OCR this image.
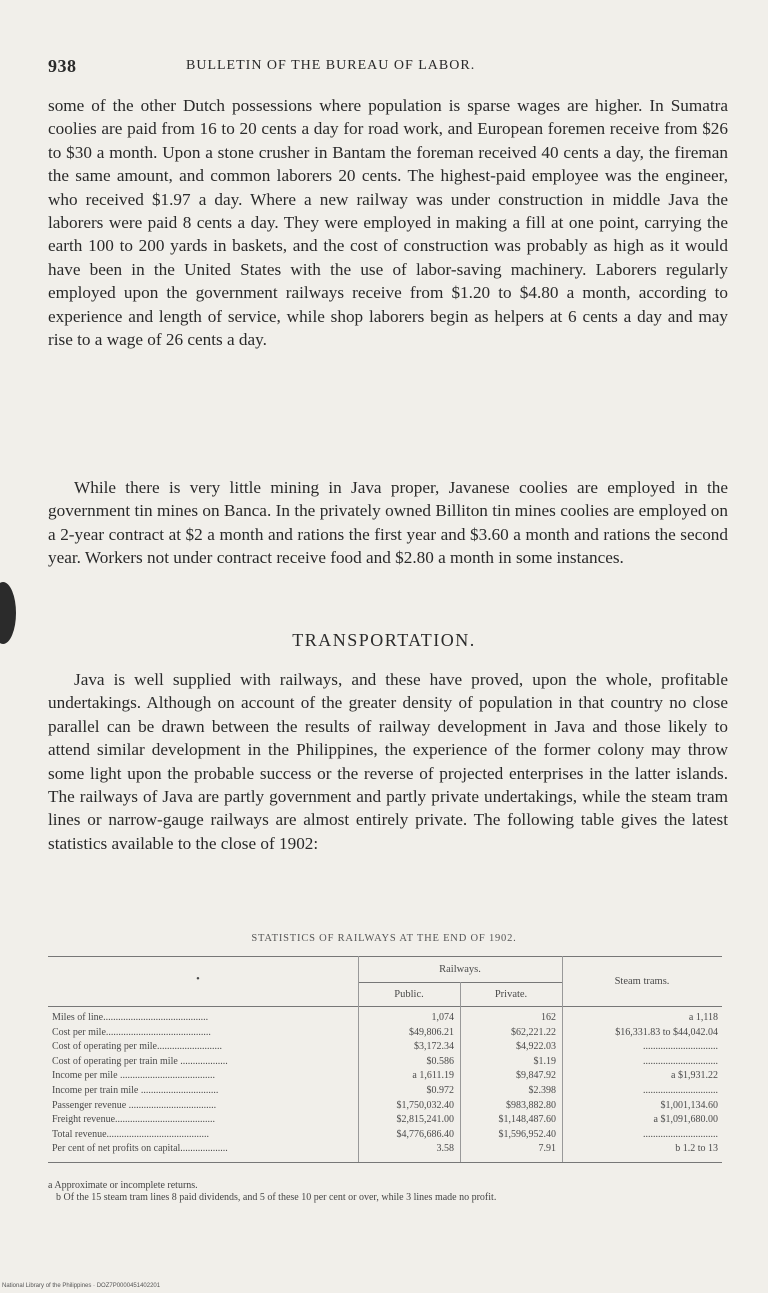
938	BULLETIN OF THE BUREAU OF LABOR.

some of the other Dutch possessions where population is sparse wages are higher. In Sumatra coolies are paid from 16 to 20 cents a day for road work, and European foremen receive from $26 to $30 a month. Upon a stone crusher in Bantam the foreman received 40 cents a day, the fireman the same amount, and common laborers 20 cents. The highest-paid employee was the engineer, who received $1.97 a day. Where a new railway was under construction in middle Java the laborers were paid 8 cents a day. They were employed in making a fill at one point, carrying the earth 100 to 200 yards in baskets, and the cost of construction was probably as high as it would have been in the United States with the use of labor-saving machinery. Laborers regularly employed upon the government railways receive from $1.20 to $4.80 a month, according to experience and length of service, while shop laborers begin as helpers at 6 cents a day and may rise to a wage of 26 cents a day.

While there is very little mining in Java proper, Javanese coolies are employed in the government tin mines on Banca. In the privately owned Billiton tin mines coolies are employed on a 2-year contract at $2 a month and rations the first year and $3.60 a month and rations the second year. Workers not under contract receive food and $2.80 a month in some instances.

TRANSPORTATION.

Java is well supplied with railways, and these have proved, upon the whole, profitable undertakings. Although on account of the greater density of population in that country no close parallel can be drawn between the results of railway development in Java and those likely to attend similar development in the Philippines, the experience of the former colony may throw some light upon the probable success or the reverse of projected enterprises in the latter islands. The railways of Java are partly government and partly private undertakings, while the steam tram lines or narrow-gauge railways are almost entirely private. The following table gives the latest statistics available to the close of 1902:

STATISTICS OF RAILWAYS AT THE END OF 1902.
•
Railways.
Public.	Private.
Steam trams.
Miles of line..........................................	1,074	162	a 1,118
Cost per mile..........................................	$49,806.21	$62,221.22	$16,331.83 to $44,042.04
Cost of operating per mile..........................	$3,172.34	$4,922.03	..............................
Cost of operating per train mile ...................	$0.586	$1.19	..............................
Income per mile ......................................	a 1,611.19	$9,847.92	a $1,931.22
Income per train mile ...............................	$0.972	$2.398	..............................
Passenger revenue ...................................	$1,750,032.40	$983,882.80	$1,001,134.60
Freight revenue........................................	$2,815,241.00	$1,148,487.60	a $1,091,680.00
Total revenue.........................................	$4,776,686.40	$1,596,952.40	..............................
Per cent of net profits on capital...................	3.58	7.91	b 1.2 to 13

a Approximate or incomplete returns.

b Of the 15 steam tram lines 8 paid dividends, and 5 of these 10 per cent or over, while 3 lines made no profit.

National Library of the Philippines · DOZ7P0000451402201
